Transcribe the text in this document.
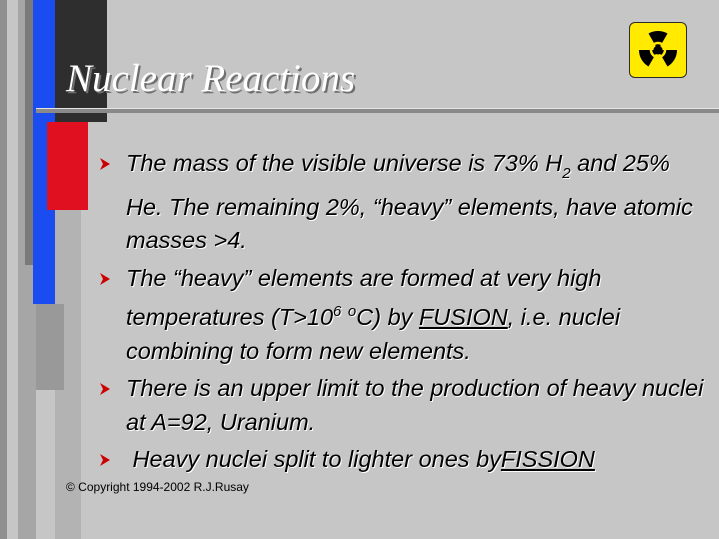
Nuclear Reactions
The mass of the visible universe is 73% $H_2$ and 25% He. The remaining 2%, “heavy” elements, have atomic masses >4.
The “heavy” elements are formed at very high temperatures ($T>10^6$ $^o$C) by FUSION, i.e. nuclei combining to form new elements.
There is an upper limit to the production of heavy nuclei at A=92, Uranium.
Heavy nuclei split to lighter ones byFISSION

© Copyright 1994-2002 R.J.Rusay
